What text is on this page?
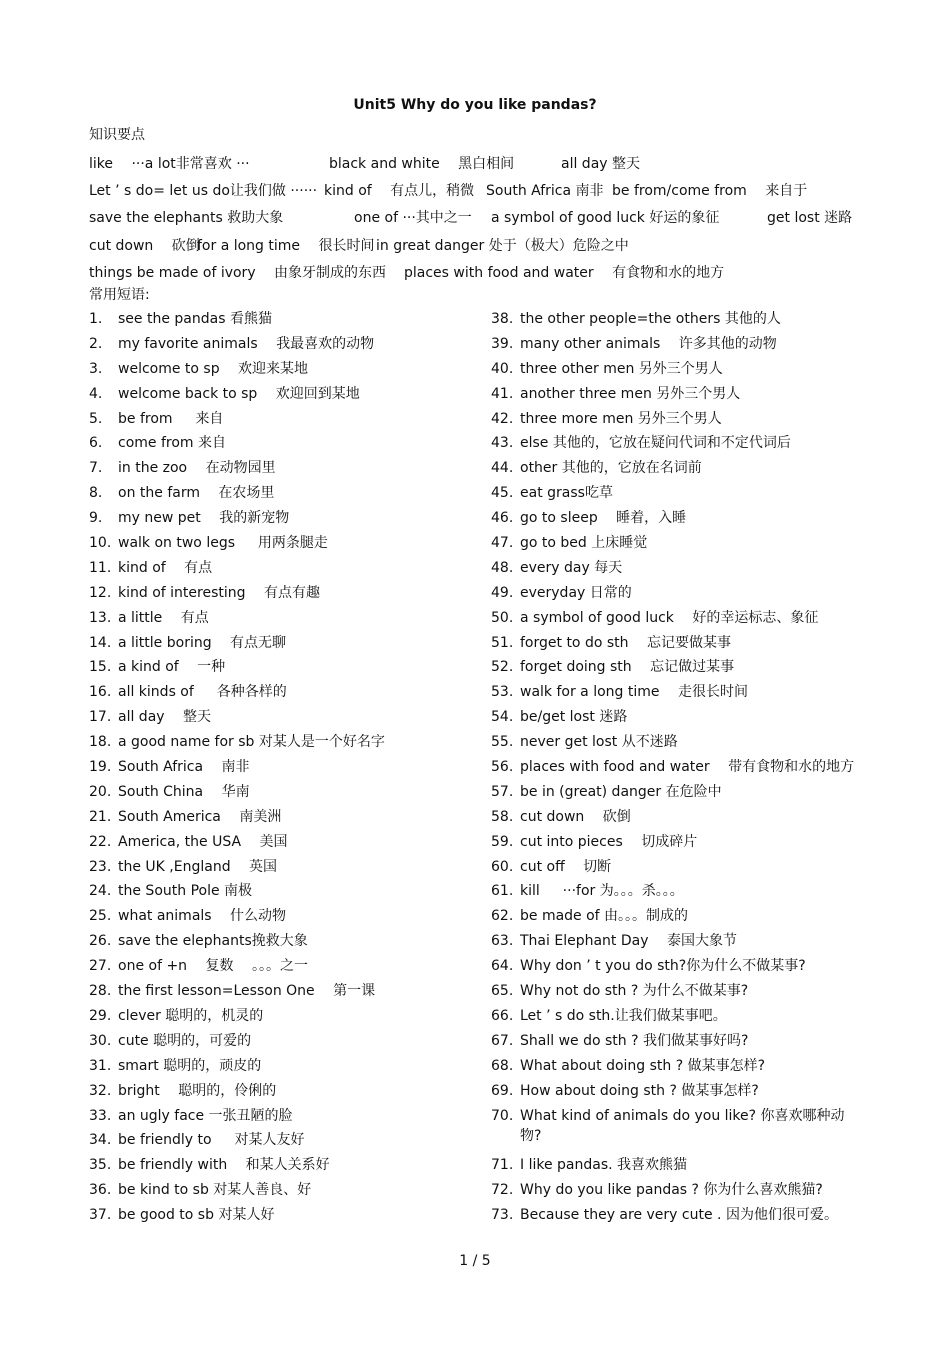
Unit5 Why do you like pandas?
知识要点
like 　···a lot非常喜欢 ···	black and white 　黑白相间	all day 整天
Let ’ s do= let us do让我们做 ······ kind of 　有点儿，稍微 South Africa 南非 be from/come from 　来自于
save the elephants 救助大象	one of ···其中之一 a symbol of good luck 好运的象征	get lost 迷路
cut down 　砍倒
for a long time 　很长时间 in great danger 处于（极大）危险之中
things be made of ivory 　由象牙制成的东西 places with food and water 　有食物和水的地方
常用短语:
1.	see the pandas 看熊猫
2.	my favorite animals 　我最喜欢的动物
3.	welcome to sp 　欢迎来某地
4.	welcome back to sp 　欢迎回到某地
5.	be from 　 来自
6.	come from 来自
7.	in the zoo 　在动物园里
8.	on the farm 　在农场里
9.	my new pet 　我的新宠物
10. walk on two legs 　 用两条腿走
11. kind of 　有点
12. kind of interesting 　有点有趣
13. a little 　有点
14. a little boring 　有点无聊
15. a kind of 　一种
16. all kinds of 　 各种各样的
17. all day 　整天
18. a good name for sb 对某人是一个好名字
19. South Africa 　南非
20. South China 　华南
21. South America 　南美洲
22. America, the USA 　美国
23. the UK ,England 　英国
24. the South Pole 南极
25. what animals 　什么动物
26. save the elephants挽救大象
27. one of +n 　复数 　。。。之一
28. the first lesson=Lesson One 　第一课
29. clever 聪明的，机灵的
30. cute 聪明的，可爱的
31. smart 聪明的，顽皮的
32. bright 　聪明的，伶俐的
33. an ugly face 一张丑陋的脸
34. be friendly to 　 对某人友好
35. be friendly with 　和某人关系好
36. be kind to sb 对某人善良、好
37. be good to sb 对某人好
38. the other people=the others 其他的人
39. many other animals 　许多其他的动物
40. three other men 另外三个男人
41. another three men 另外三个男人
42. three more men 另外三个男人
43. else 其他的，它放在疑问代词和不定代词后
44. other 其他的，它放在名词前
45. eat grass吃草
46. go to sleep 　睡着，入睡
47. go to bed 上床睡觉
48. every day 每天
49. everyday 日常的
50. a symbol of good luck 　好的幸运标志、象征
51. forget to do sth 　忘记要做某事
52. forget doing sth 　忘记做过某事
53. walk for a long time 　走很长时间
54. be/get lost 迷路
55. never get lost 从不迷路
56. places with food and water 　带有食物和水的地方
57. be in (great) danger 在危险中
58. cut down 　砍倒
59. cut into pieces 　切成碎片
60. cut off 　切断
61. kill 　 ···for 为。。。杀。。。
62. be made of 由。。。制成的
63. Thai Elephant Day 　泰国大象节
64. Why don ’ t you do sth?你为什么不做某事?
65. Why not do sth ? 为什么不做某事?
66. Let ’ s do sth.让我们做某事吧。
67. Shall we do sth ? 我们做某事好吗?
68. What about doing sth ? 做某事怎样?
69. How about doing sth ? 做某事怎样?
70. What kind of animals do you like? 你喜欢哪种动物?
71. I like pandas. 我喜欢熊猫
72. Why do you like pandas ? 你为什么喜欢熊猫?
73. Because they are very cute . 因为他们很可爱。
1 / 5
